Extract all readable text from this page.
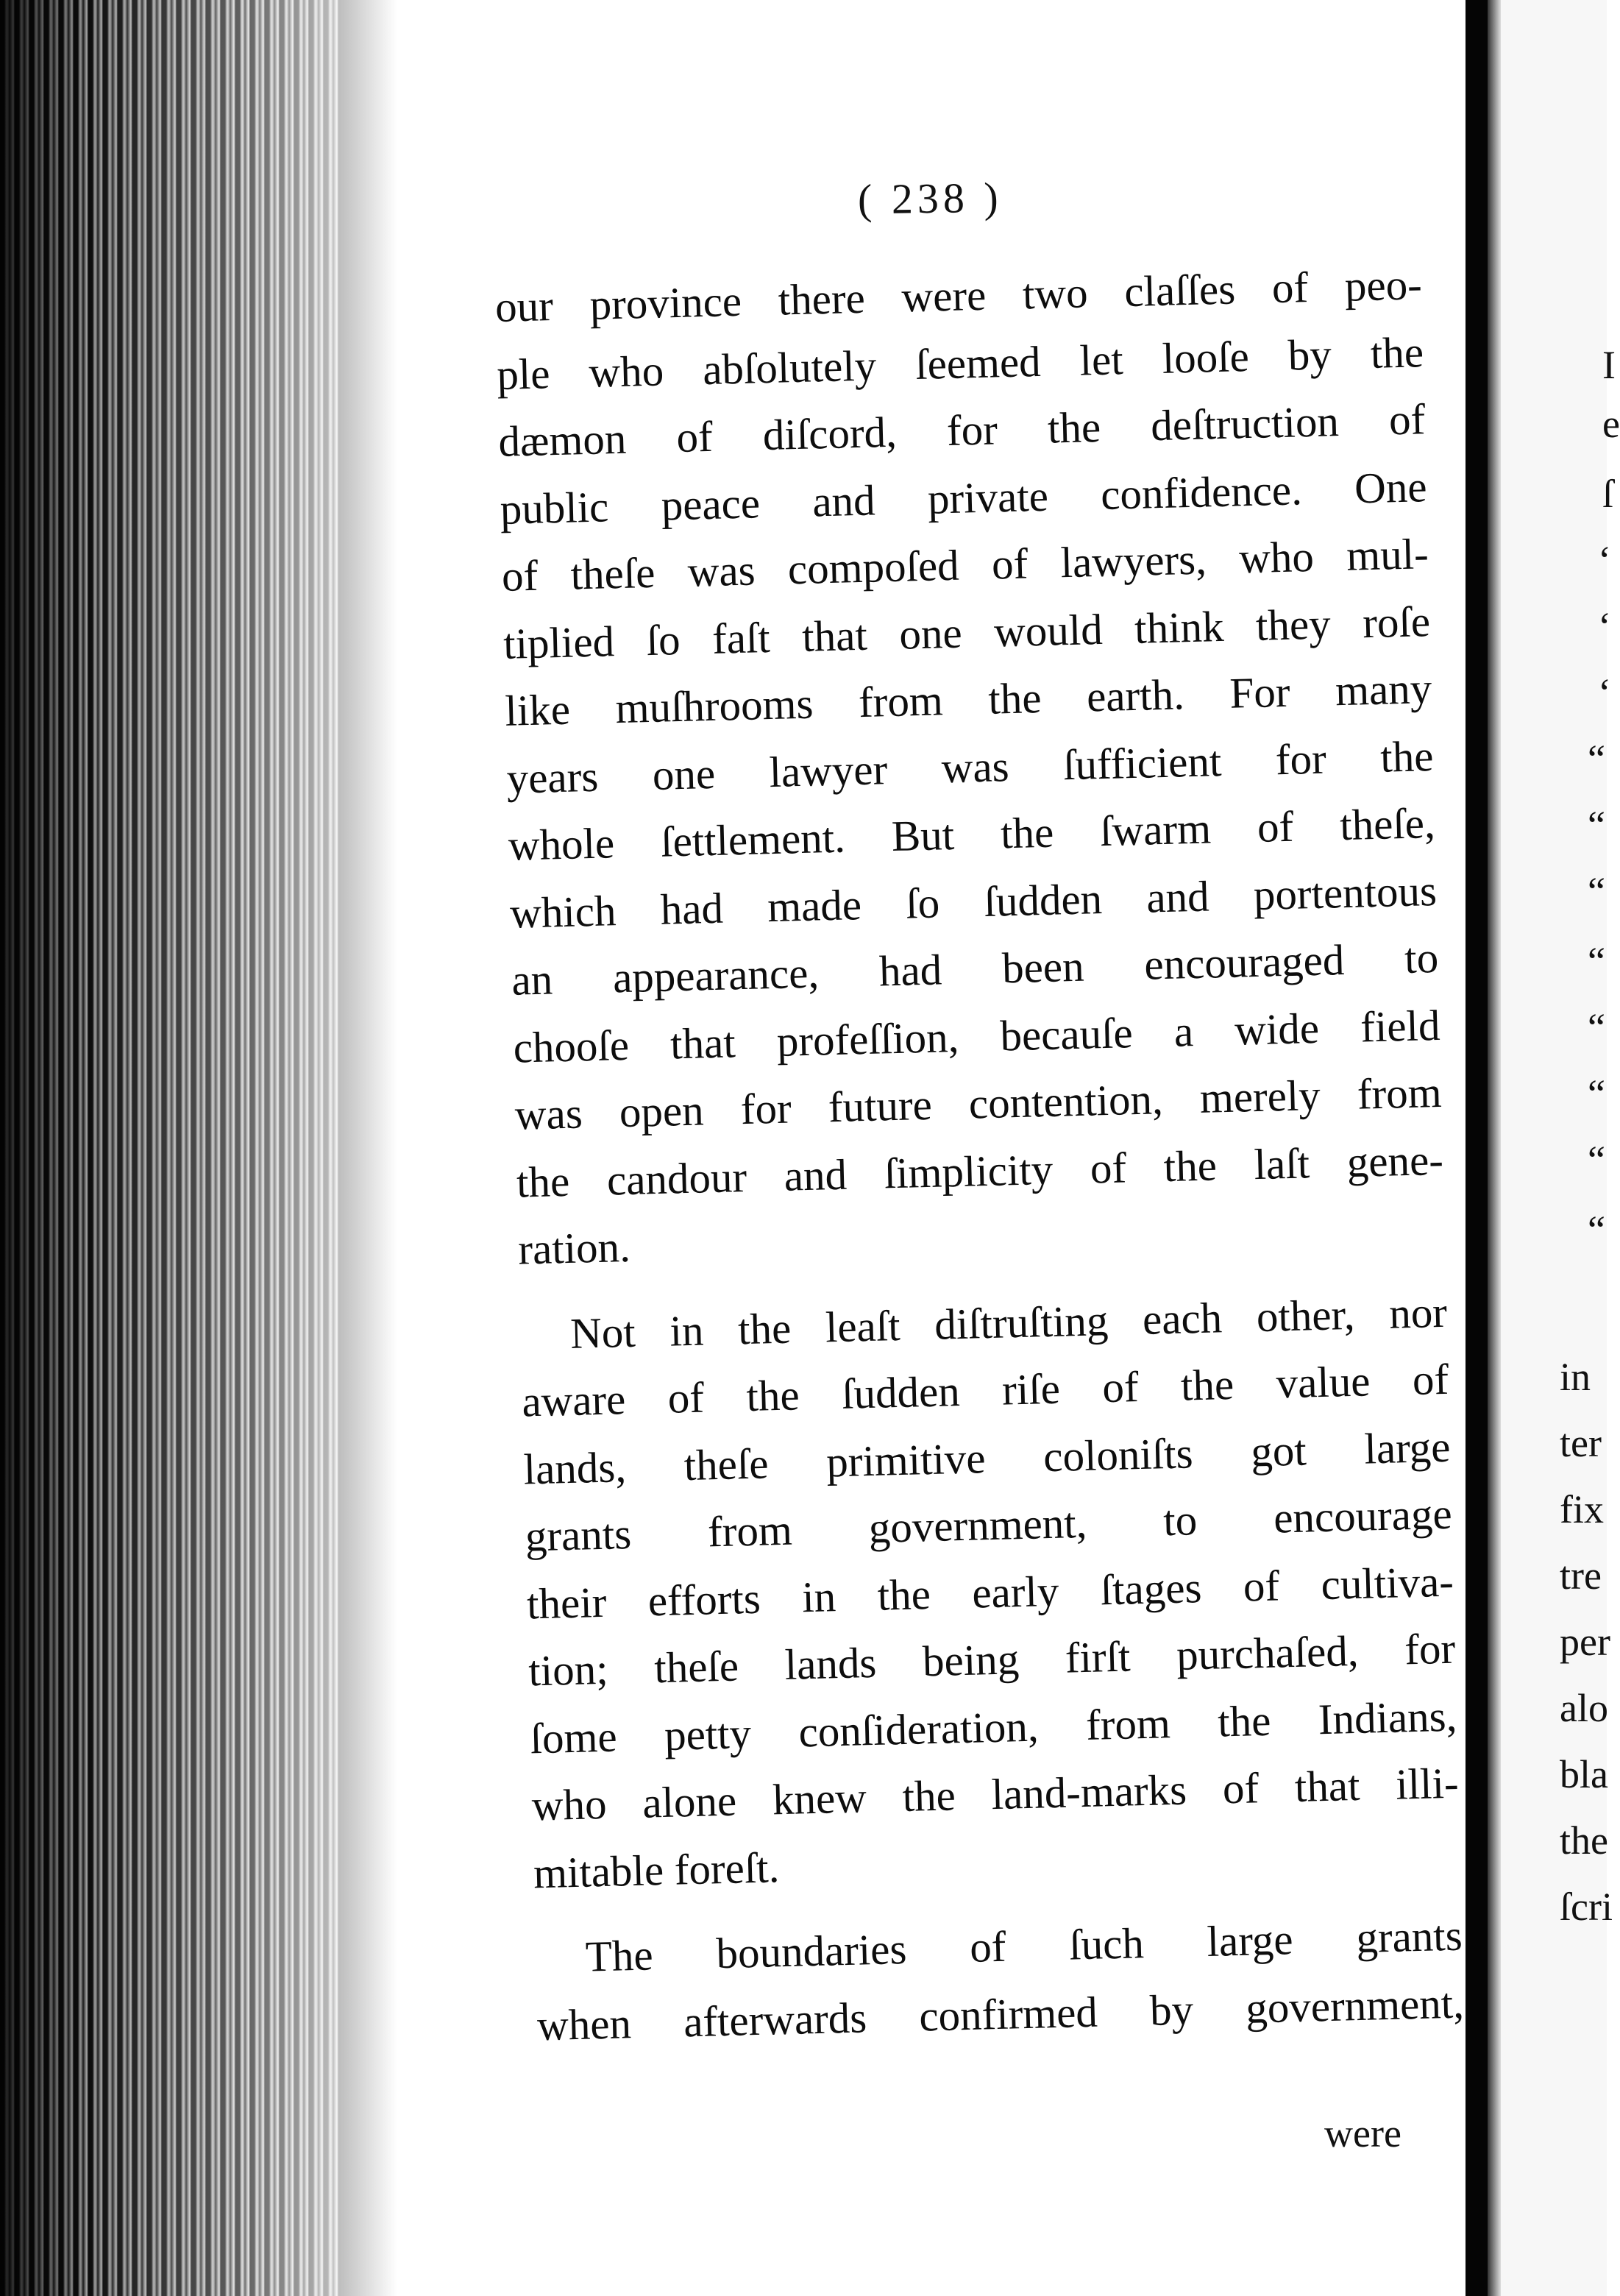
( 238 )
our province there were two claſſes of peo-
ple who abſolutely ſeemed let looſe by the
dæmon of diſcord, for the deſtruction of
public peace and private confidence. One
of theſe was compoſed of lawyers, who mul-
tiplied ſo faſt that one would think they roſe
like muſhrooms from the earth. For many
years one lawyer was ſufficient for the
whole ſettlement. But the ſwarm of theſe,
which had made ſo ſudden and portentous
an appearance, had been encouraged to
chooſe that profeſſion, becauſe a wide field
was open for future contention, merely from
the candour and ſimplicity of the laſt gene-
ration.
Not in the leaſt diſtruſting each other, nor
aware of the ſudden riſe of the value of
lands, theſe primitive coloniſts got large
grants from government, to encourage
their efforts in the early ſtages of cultiva-
tion; theſe lands being firſt purchaſed, for
ſome petty conſideration, from the Indians,
who alone knew the land-marks of that illi-
mitable foreſt.
The boundaries of ſuch large grants
when afterwards confirmed by government,
were
I
e
ſ
‘
‘
‘
“
“
“
“
“
“
“
“
in
ter
fix
tre
per
alo
bla
the
ſcri
